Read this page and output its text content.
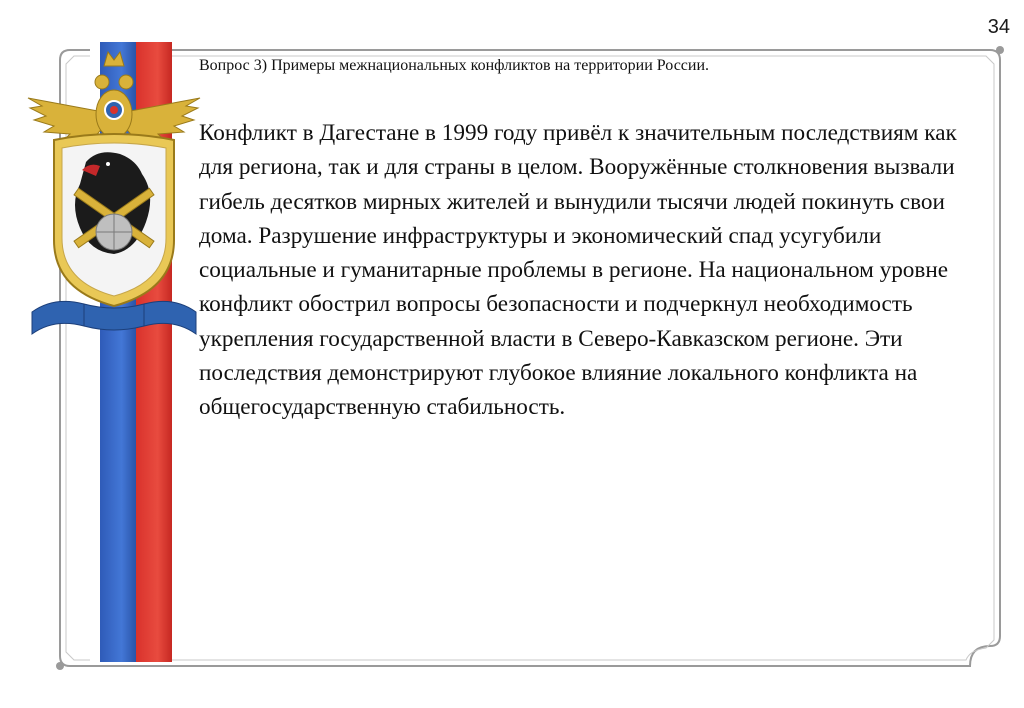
34
Вопрос 3) Примеры межнациональных конфликтов на территории России.
Конфликт в Дагестане в 1999 году привёл к значительным последствиям как для региона, так и для страны в целом. Вооружённые столкновения вызвали гибель десятков мирных жителей и вынудили тысячи людей покинуть свои дома. Разрушение инфраструктуры и экономический спад усугубили социальные и гуманитарные проблемы в регионе. На национальном уровне конфликт обострил вопросы безопасности и подчеркнул необходимость укрепления государственной власти в Северо-Кавказском регионе. Эти последствия демонстрируют глубокое влияние локального конфликта на общегосударственную стабильность.
